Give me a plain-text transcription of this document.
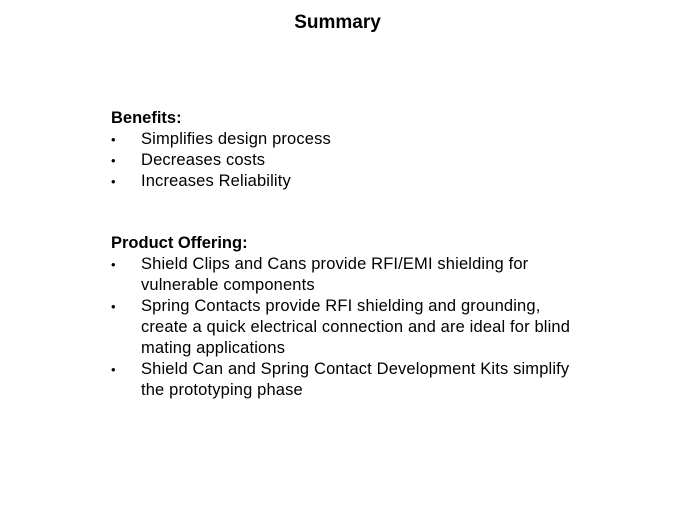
Summary
Benefits:
•	Simplifies design process
•	Decreases costs
•	Increases Reliability
Product Offering:
•	Shield Clips and Cans provide RFI/EMI shielding for vulnerable components
•	Spring Contacts provide RFI shielding and grounding, create a quick electrical connection and are ideal for blind mating applications
•	Shield Can and Spring Contact Development Kits simplify the prototyping phase
